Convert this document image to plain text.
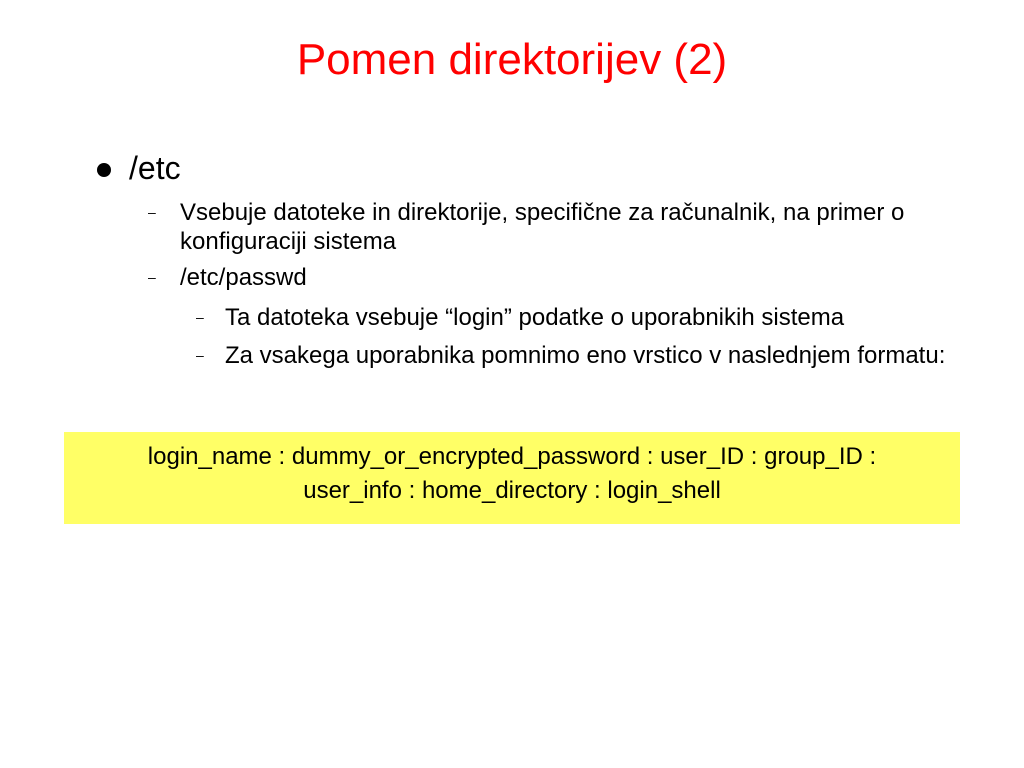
Pomen direktorijev (2)
/etc
–	Vsebuje datoteke in direktorije, specifične za računalnik, na primer o konfiguraciji sistema
–	/etc/passwd
– Ta datoteka vsebuje “login” podatke o uporabnikih sistema
– Za vsakega uporabnika pomnimo eno vrstico v naslednjem formatu:
login_name : dummy_or_encrypted_password : user_ID : group_ID :
user_info : home_directory : login_shell
